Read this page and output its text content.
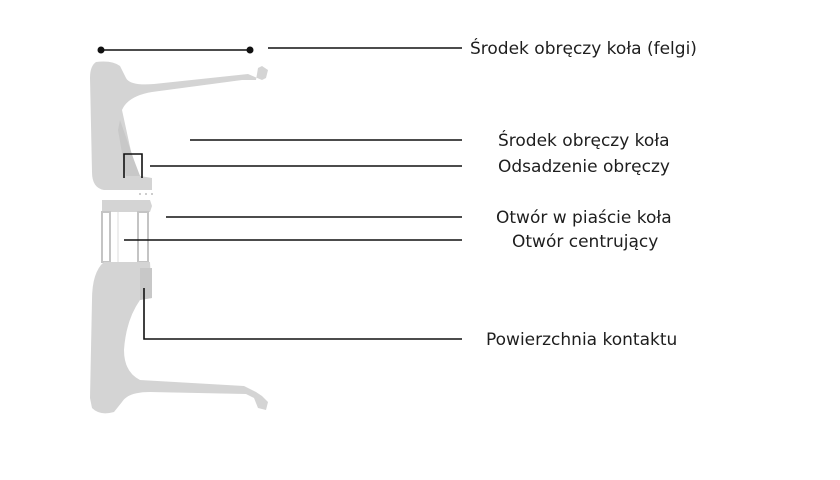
Środek obręczy koła (felgi)
Środek obręczy koła
Odsadzenie obręczy
Otwór w piaście koła
Otwór centrujący
Powierzchnia kontaktu
